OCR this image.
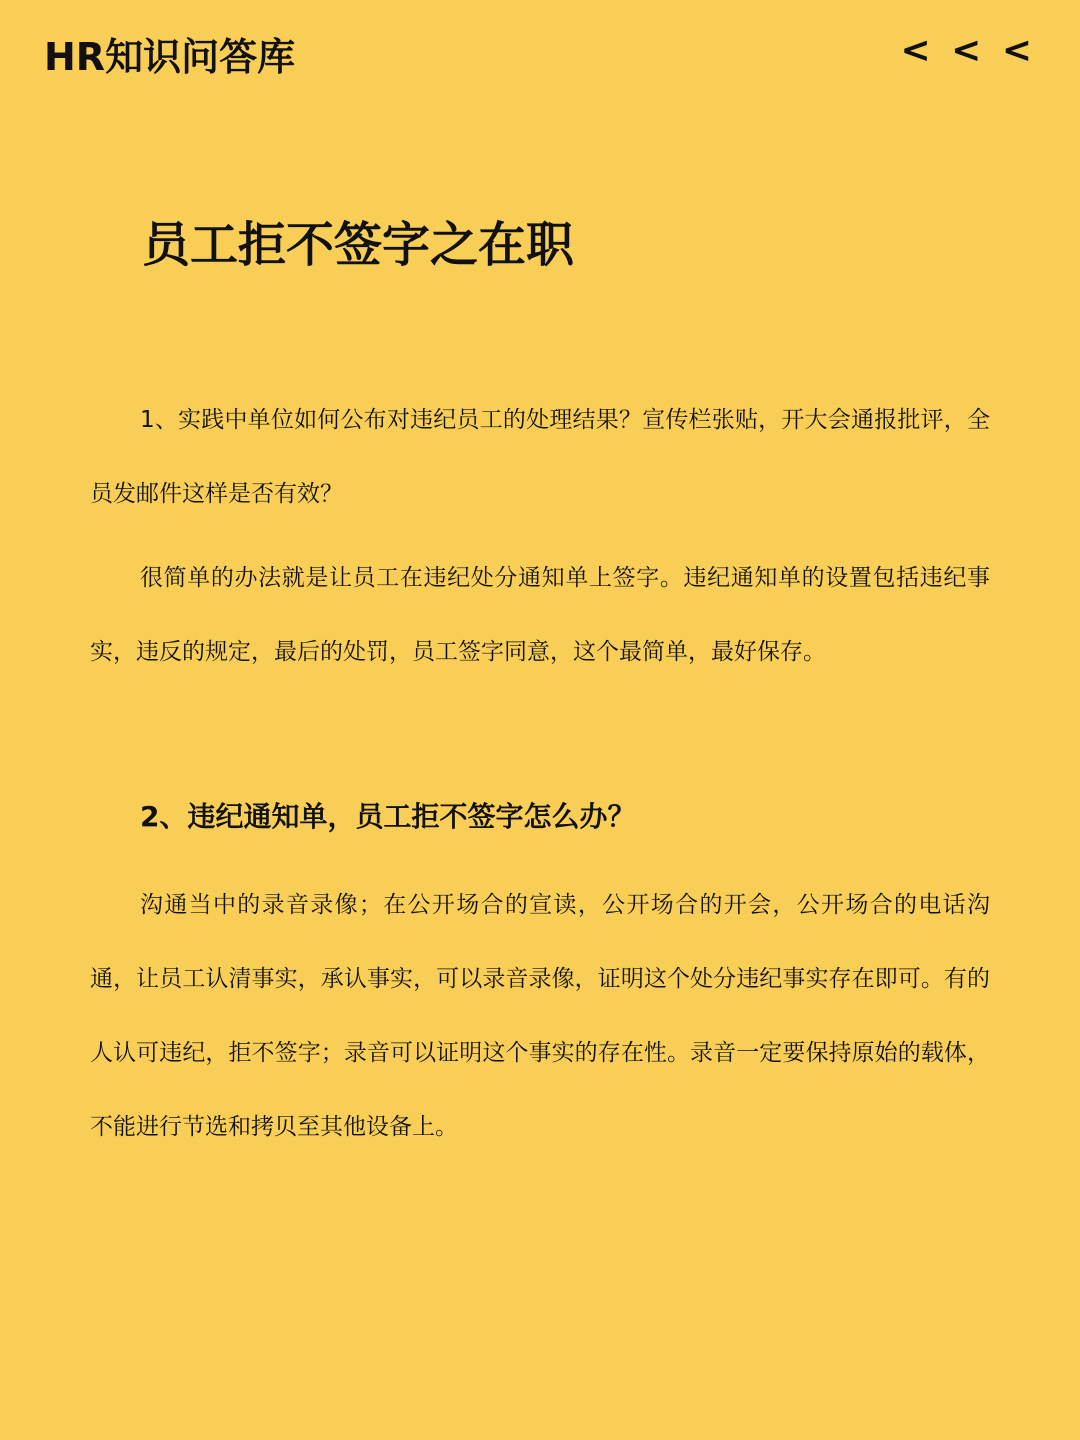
HR知识问答库	< < <
员工拒不签字之在职

1、实践中单位如何公布对违纪员工的处理结果？宣传栏张贴，开大会通报批评，全员发邮件这样是否有效？

很简单的办法就是让员工在违纪处分通知单上签字。违纪通知单的设置包括违纪事实，违反的规定，最后的处罚，员工签字同意，这个最简单，最好保存。

2、违纪通知单，员工拒不签字怎么办？

沟通当中的录音录像；在公开场合的宣读，公开场合的开会，公开场合的电话沟通，让员工认清事实，承认事实，可以录音录像，证明这个处分违纪事实存在即可。有的人认可违纪，拒不签字；录音可以证明这个事实的存在性。录音一定要保持原始的载体，不能进行节选和拷贝至其他设备上。
